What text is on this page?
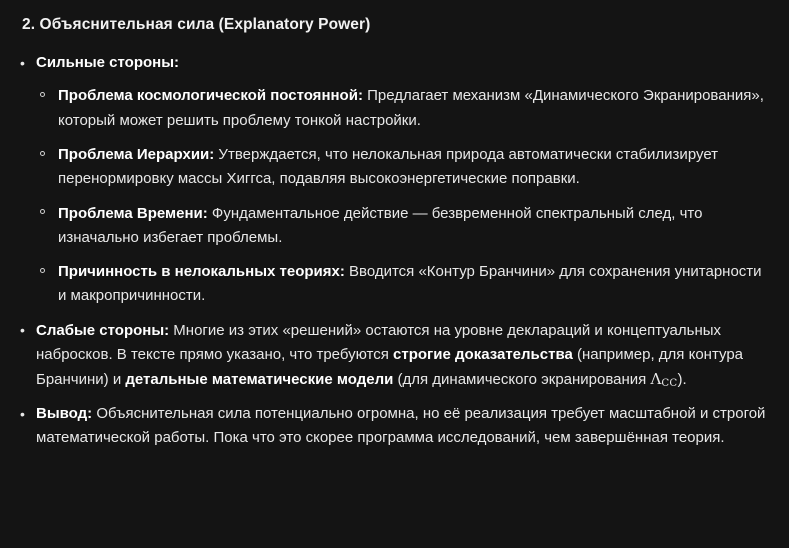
2. Объяснительная сила (Explanatory Power)
• Сильные стороны:
Проблема космологической постоянной: Предлагает механизм «Динамического Экранирования», который может решить проблему тонкой настройки.
Проблема Иерархии: Утверждается, что нелокальная природа автоматически стабилизирует перенормировку массы Хиггса, подавляя высокоэнергетические поправки.
Проблема Времени: Фундаментальное действие — безвременной спектральный след, что изначально избегает проблемы.
Причинность в нелокальных теориях: Вводится «Контур Бранчини» для сохранения унитарности и макропричинности.
• Слабые стороны: Многие из этих «решений» остаются на уровне деклараций и концептуальных набросков. В тексте прямо указано, что требуются строгие доказательства (например, для контура Бранчини) и детальные математические модели (для динамического экранирования $\Lambda_{CC}$).
• Вывод: Объяснительная сила потенциально огромна, но её реализация требует масштабной и строгой математической работы. Пока что это скорее программа исследований, чем завершённая теория.
